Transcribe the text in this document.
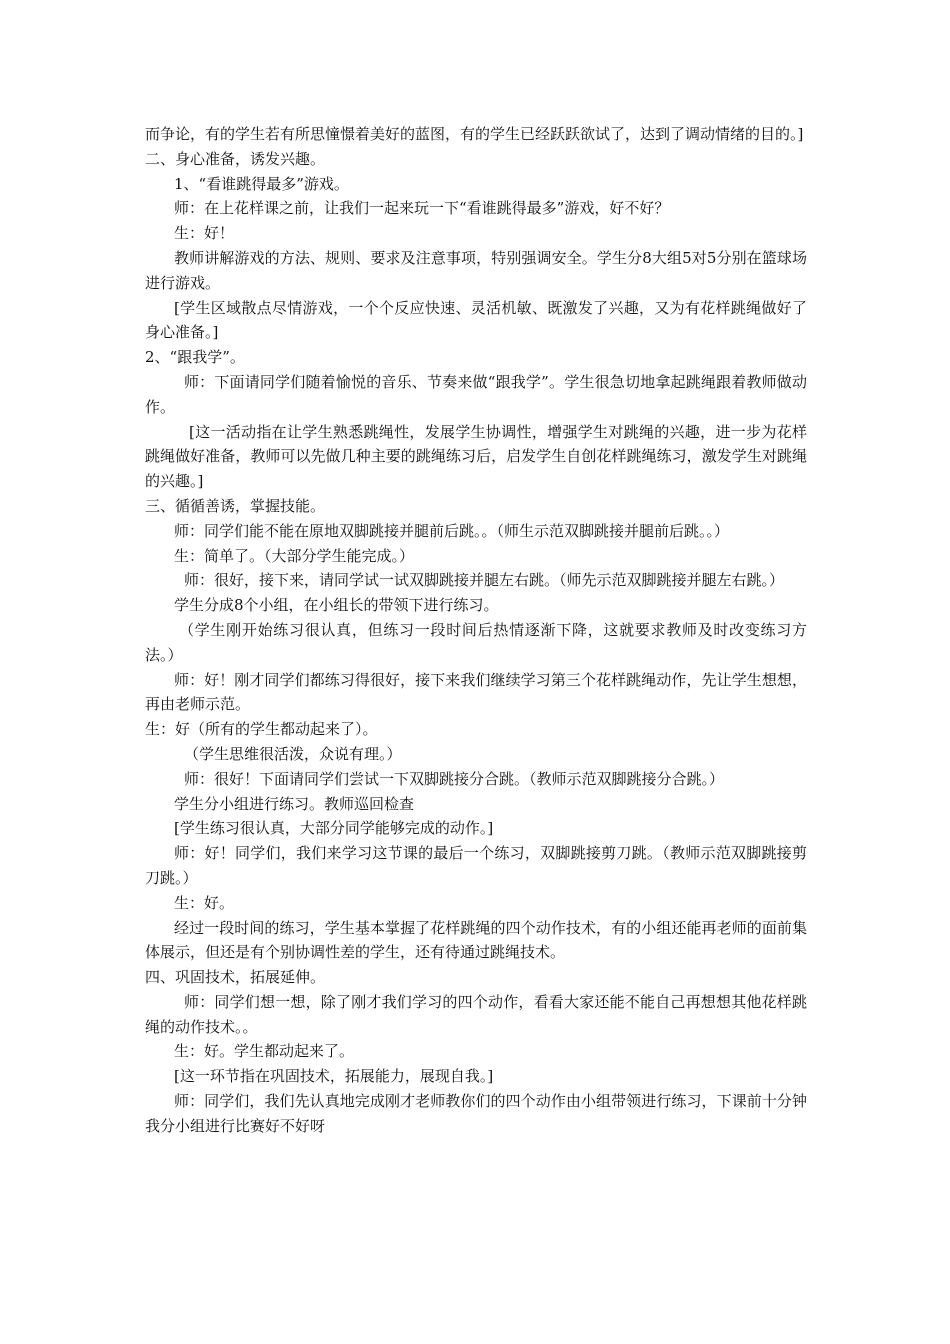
而争论，有的学生若有所思憧憬着美好的蓝图，有的学生已经跃跃欲试了，达到了调动情绪的目的。]

二、身心准备，诱发兴趣。

1、“看谁跳得最多”游戏。

师：在上花样课之前，让我们一起来玩一下“看谁跳得最多”游戏，好不好？

生：好！

教师讲解游戏的方法、规则、要求及注意事项，特别强调安全。学生分8大组5对5分别在篮球场进行游戏。

[学生区域散点尽情游戏，一个个反应快速、灵活机敏、既激发了兴趣，又为有花样跳绳做好了身心准备。]

2、“跟我学”。

师：下面请同学们随着愉悦的音乐、节奏来做“跟我学”。学生很急切地拿起跳绳跟着教师做动作。

[这一活动指在让学生熟悉跳绳性，发展学生协调性，增强学生对跳绳的兴趣，进一步为花样跳绳做好准备，教师可以先做几种主要的跳绳练习后，启发学生自创花样跳绳练习，激发学生对跳绳的兴趣。]

三、循循善诱，掌握技能。

师：同学们能不能在原地双脚跳接并腿前后跳。。（师生示范双脚跳接并腿前后跳。。）

生：简单了。（大部分学生能完成。）

师：很好，接下来，请同学试一试双脚跳接并腿左右跳。（师先示范双脚跳接并腿左右跳。）

学生分成8个小组，在小组长的带领下进行练习。

（学生刚开始练习很认真，但练习一段时间后热情逐渐下降，这就要求教师及时改变练习方法。）

师：好！刚才同学们都练习得很好，接下来我们继续学习第三个花样跳绳动作，先让学生想想，再由老师示范。

生：好（所有的学生都动起来了）。

（学生思维很活泼，众说有理。）

师：很好！下面请同学们尝试一下双脚跳接分合跳。（教师示范双脚跳接分合跳。）

学生分小组进行练习。教师巡回检查

[学生练习很认真，大部分同学能够完成的动作。]

师：好！同学们，我们来学习这节课的最后一个练习，双脚跳接剪刀跳。（教师示范双脚跳接剪刀跳。）

生：好。

经过一段时间的练习，学生基本掌握了花样跳绳的四个动作技术，有的小组还能再老师的面前集体展示，但还是有个别协调性差的学生，还有待通过跳绳技术。

四、巩固技术，拓展延伸。

师：同学们想一想，除了刚才我们学习的四个动作，看看大家还能不能自己再想想其他花样跳绳的动作技术。。

生：好。学生都动起来了。

[这一环节指在巩固技术，拓展能力，展现自我。]

师：同学们，我们先认真地完成刚才老师教你们的四个动作由小组带领进行练习，下课前十分钟我分小组进行比赛好不好呀
